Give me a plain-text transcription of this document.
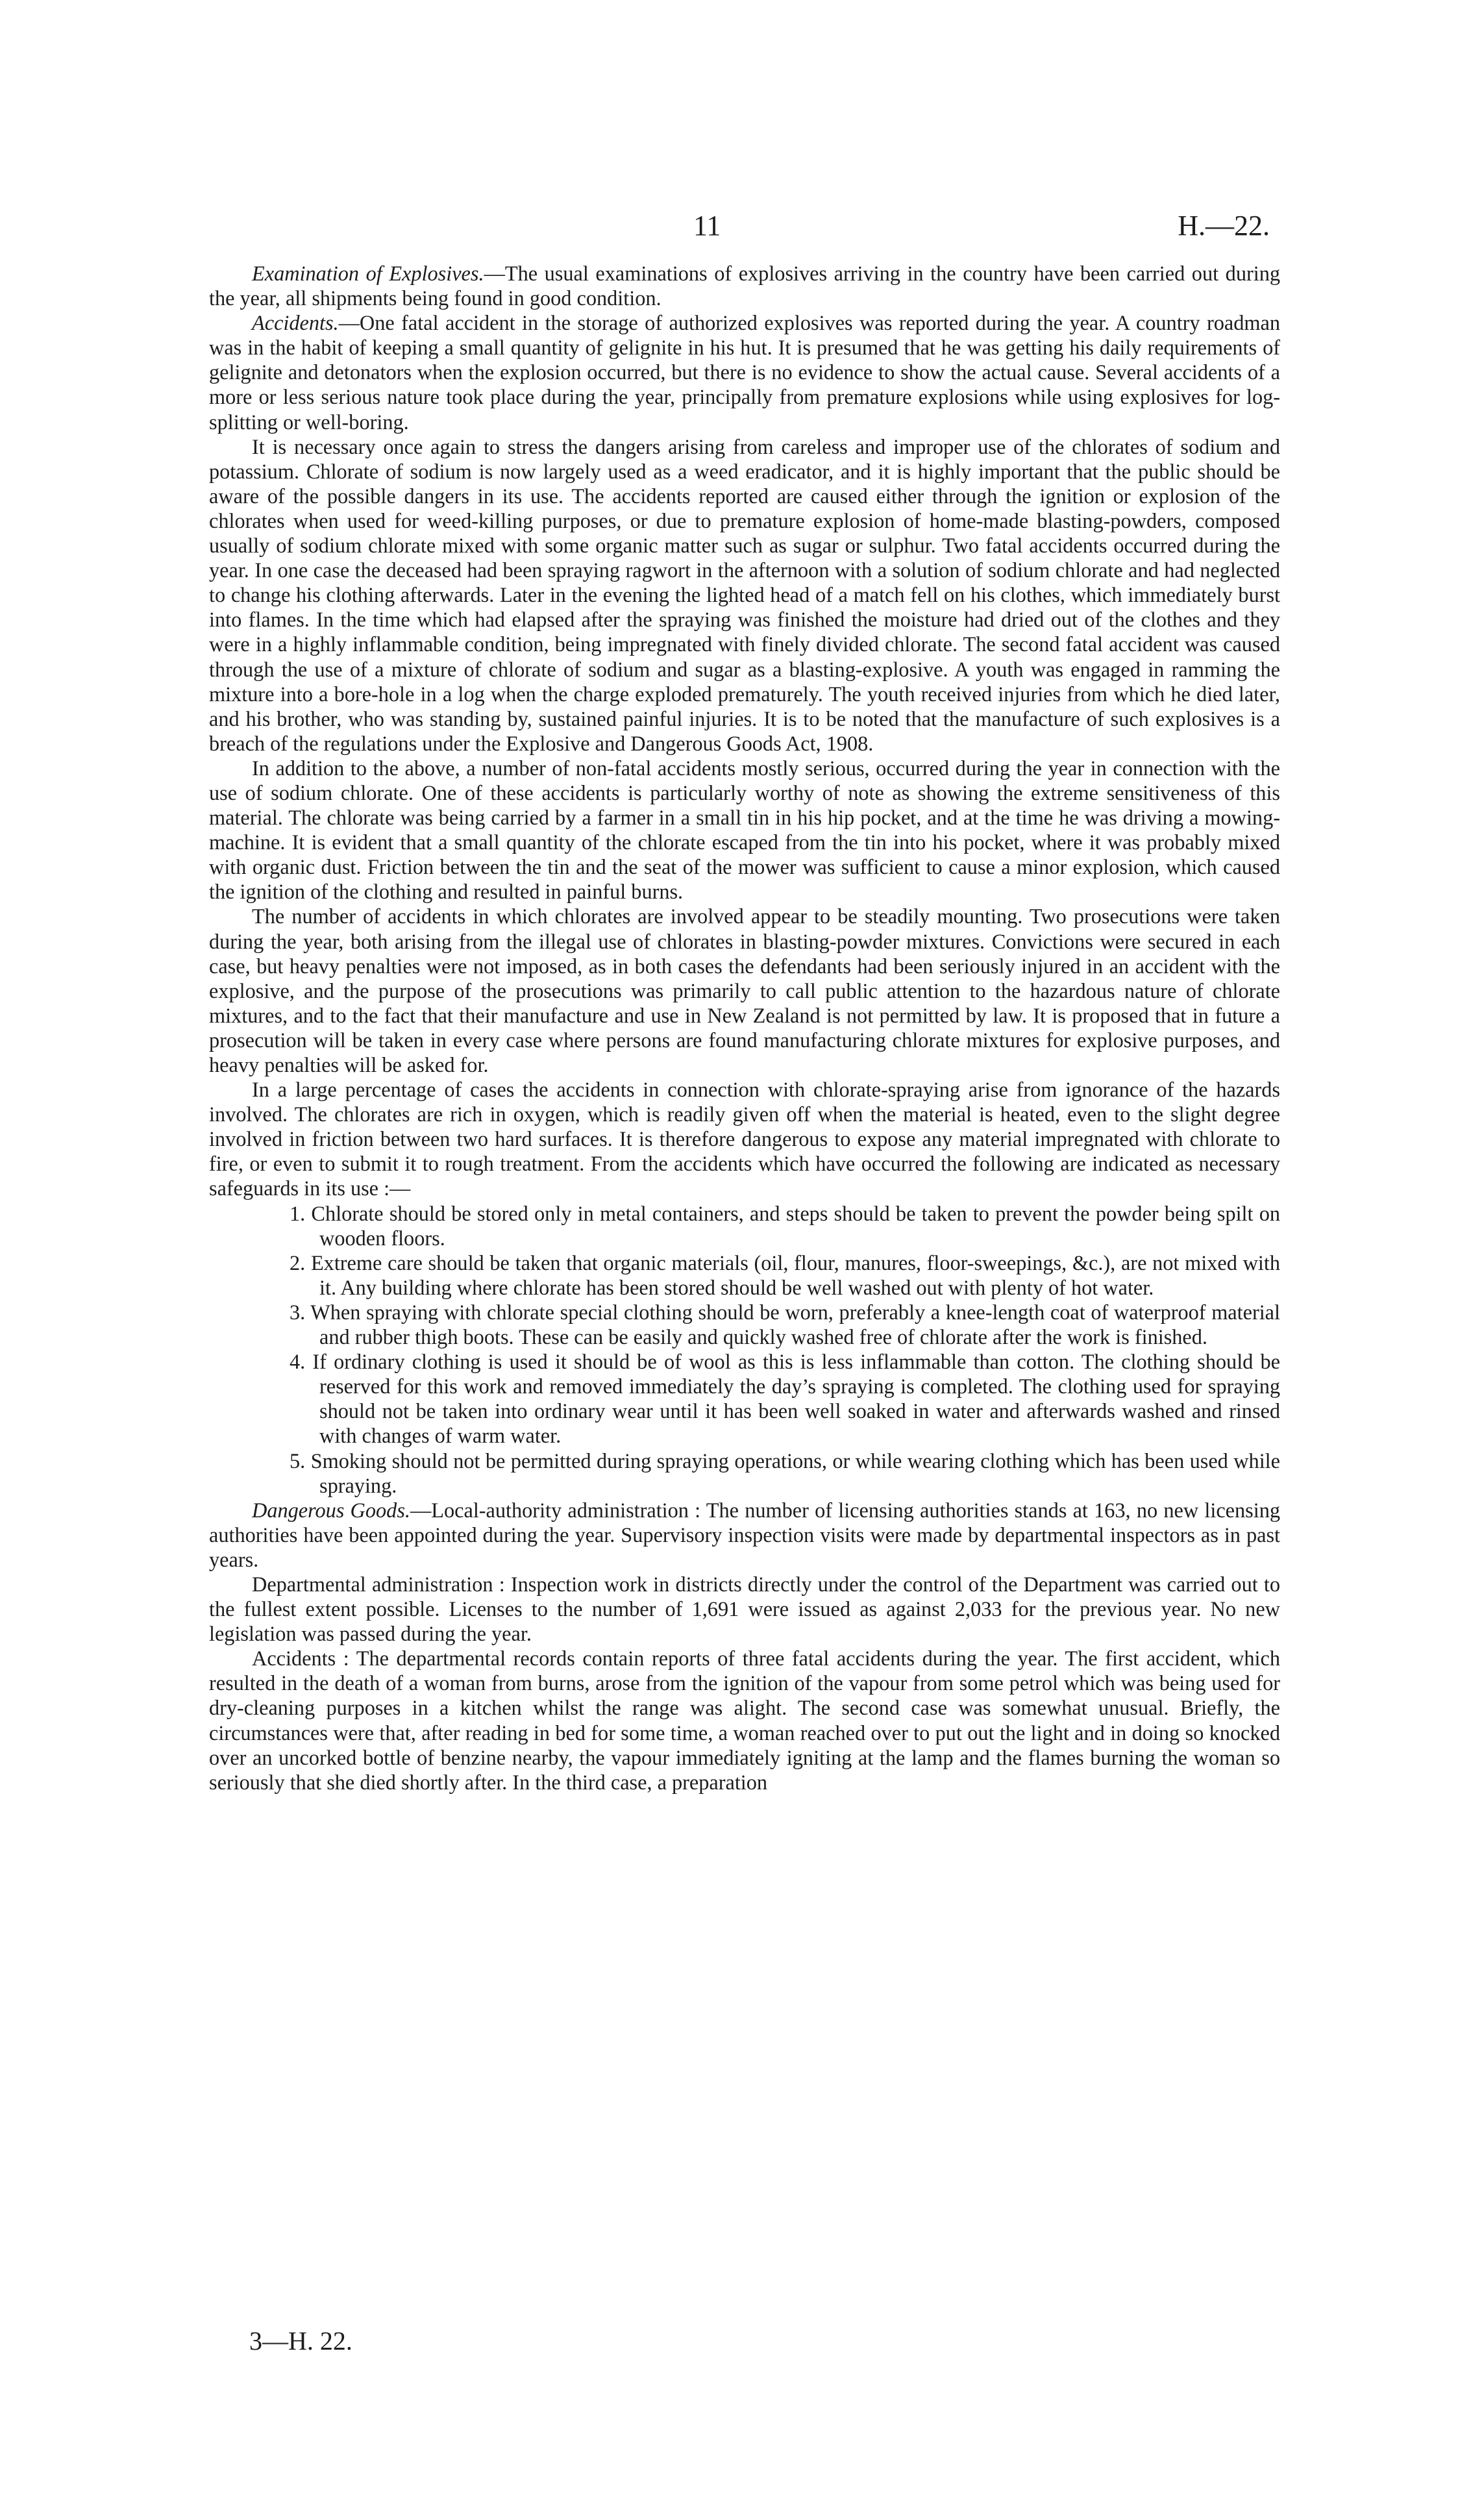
11	H.—22.

Examination of Explosives.—The usual examinations of explosives arriving in the country have been carried out during the year, all shipments being found in good condition.

Accidents.—One fatal accident in the storage of authorized explosives was reported during the year. A country roadman was in the habit of keeping a small quantity of gelignite in his hut. It is presumed that he was getting his daily requirements of gelignite and detonators when the explosion occurred, but there is no evidence to show the actual cause. Several accidents of a more or less serious nature took place during the year, principally from premature explosions while using explosives for log-splitting or well-boring.

It is necessary once again to stress the dangers arising from careless and improper use of the chlorates of sodium and potassium. Chlorate of sodium is now largely used as a weed eradicator, and it is highly important that the public should be aware of the possible dangers in its use. The accidents reported are caused either through the ignition or explosion of the chlorates when used for weed-killing purposes, or due to premature explosion of home-made blasting-powders, composed usually of sodium chlorate mixed with some organic matter such as sugar or sulphur. Two fatal accidents occurred during the year. In one case the deceased had been spraying ragwort in the afternoon with a solution of sodium chlorate and had neglected to change his clothing afterwards. Later in the evening the lighted head of a match fell on his clothes, which immediately burst into flames. In the time which had elapsed after the spraying was finished the moisture had dried out of the clothes and they were in a highly inflammable condition, being impregnated with finely divided chlorate. The second fatal accident was caused through the use of a mixture of chlorate of sodium and sugar as a blasting-explosive. A youth was engaged in ramming the mixture into a bore-hole in a log when the charge exploded prematurely. The youth received injuries from which he died later, and his brother, who was standing by, sustained painful injuries. It is to be noted that the manufacture of such explosives is a breach of the regulations under the Explosive and Dangerous Goods Act, 1908.

In addition to the above, a number of non-fatal accidents mostly serious, occurred during the year in connection with the use of sodium chlorate. One of these accidents is particularly worthy of note as showing the extreme sensitiveness of this material. The chlorate was being carried by a farmer in a small tin in his hip pocket, and at the time he was driving a mowing-machine. It is evident that a small quantity of the chlorate escaped from the tin into his pocket, where it was probably mixed with organic dust. Friction between the tin and the seat of the mower was sufficient to cause a minor explosion, which caused the ignition of the clothing and resulted in painful burns.

The number of accidents in which chlorates are involved appear to be steadily mounting. Two prosecutions were taken during the year, both arising from the illegal use of chlorates in blasting-powder mixtures. Convictions were secured in each case, but heavy penalties were not imposed, as in both cases the defendants had been seriously injured in an accident with the explosive, and the purpose of the prosecutions was primarily to call public attention to the hazardous nature of chlorate mixtures, and to the fact that their manufacture and use in New Zealand is not permitted by law. It is proposed that in future a prosecution will be taken in every case where persons are found manufacturing chlorate mixtures for explosive purposes, and heavy penalties will be asked for.

In a large percentage of cases the accidents in connection with chlorate-spraying arise from ignorance of the hazards involved. The chlorates are rich in oxygen, which is readily given off when the material is heated, even to the slight degree involved in friction between two hard surfaces. It is therefore dangerous to expose any material impregnated with chlorate to fire, or even to submit it to rough treatment. From the accidents which have occurred the following are indicated as necessary safeguards in its use :—

1. Chlorate should be stored only in metal containers, and steps should be taken to prevent the powder being spilt on wooden floors.

2. Extreme care should be taken that organic materials (oil, flour, manures, floor-sweepings, &c.), are not mixed with it. Any building where chlorate has been stored should be well washed out with plenty of hot water.

3. When spraying with chlorate special clothing should be worn, preferably a knee-length coat of waterproof material and rubber thigh boots. These can be easily and quickly washed free of chlorate after the work is finished.

4. If ordinary clothing is used it should be of wool as this is less inflammable than cotton. The clothing should be reserved for this work and removed immediately the day’s spraying is completed. The clothing used for spraying should not be taken into ordinary wear until it has been well soaked in water and afterwards washed and rinsed with changes of warm water.

5. Smoking should not be permitted during spraying operations, or while wearing clothing which has been used while spraying.

Dangerous Goods.—Local-authority administration : The number of licensing authorities stands at 163, no new licensing authorities have been appointed during the year. Supervisory inspection visits were made by departmental inspectors as in past years.

Departmental administration : Inspection work in districts directly under the control of the Department was carried out to the fullest extent possible. Licenses to the number of 1,691 were issued as against 2,033 for the previous year. No new legislation was passed during the year.

Accidents : The departmental records contain reports of three fatal accidents during the year. The first accident, which resulted in the death of a woman from burns, arose from the ignition of the vapour from some petrol which was being used for dry-cleaning purposes in a kitchen whilst the range was alight. The second case was somewhat unusual. Briefly, the circumstances were that, after reading in bed for some time, a woman reached over to put out the light and in doing so knocked over an uncorked bottle of benzine nearby, the vapour immediately igniting at the lamp and the flames burning the woman so seriously that she died shortly after. In the third case, a preparation

3—H. 22.
